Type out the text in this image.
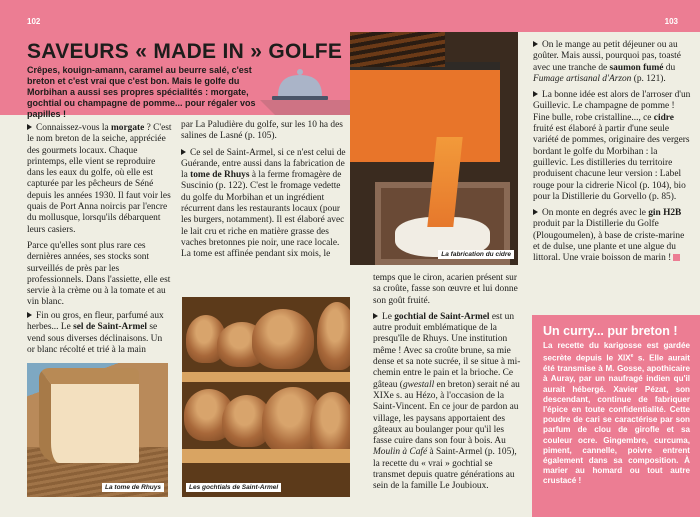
102	103
SAVEURS « MADE IN » GOLFE

Crêpes, kouign-amann, caramel au beurre salé, c'est breton et c'est vrai que c'est bon. Mais le golfe du Morbihan a aussi ses propres spécialités : morgate, gochtial ou champagne de pomme... pour régaler vos papilles !

Connaissez-vous la morgate ? C'est le nom breton de la seiche, appréciée des gourmets locaux. Chaque printemps, elle vient se reproduire dans les eaux du golfe, où elle est capturée par les pêcheurs de Séné depuis les années 1930. Il faut voir les quais de Port Anna noircis par l'encre du mollusque, lorsqu'ils débarquent leurs casiers.

Parce qu'elles sont plus rare ces dernières années, ses stocks sont surveillés de près par les professionnels. Dans l'assiette, elle est servie à la crème ou à la tomate et au vin blanc.

Fin ou gros, en fleur, parfumé aux herbes... Le sel de Saint-Armel se vend sous diverses déclinaisons. Un or blanc récolté et trié à la main

par La Paludière du golfe, sur les 10 ha des salines de Lasné (p. 105).

Ce sel de Saint-Armel, si ce n'est celui de Guérande, entre aussi dans la fabrication de la tome de Rhuys à la ferme fromagère de Suscinio (p. 122). C'est le fromage vedette du golfe du Morbihan et un ingrédient récurrent dans les restaurants locaux (pour les burgers, notamment). Il est élaboré avec le lait cru et riche en matière grasse des vaches bretonnes pie noir, une race locale. La tome est affinée pendant six mois, le

temps que le ciron, acarien présent sur sa croûte, fasse son œuvre et lui donne son goût fruité.

Le gochtial de Saint-Armel est un autre produit emblématique de la presqu'île de Rhuys. Une institution même ! Avec sa croûte brune, sa mie dense et sa note sucrée, il se situe à mi-chemin entre le pain et la brioche. Ce gâteau (gwestall en breton) serait né au XIXe s. au Hézo, à l'occasion de la Saint-Vincent. En ce jour de pardon au village, les paysans apportaient des gâteaux au boulanger pour qu'il les fasse cuire dans son four à bois. Au Moulin à Café à Saint-Armel (p. 105), la recette du « vrai » gochtial se transmet depuis quatre générations au sein de la famille Le Joubioux.

On le mange au petit déjeuner ou au goûter. Mais aussi, pourquoi pas, toasté avec une tranche de saumon fumé du Fumage artisanal d'Arzon (p. 121).

La bonne idée est alors de l'arroser d'un Guillevic. Le champagne de pomme ! Fine bulle, robe cristalline..., ce cidre fruité est élaboré à partir d'une seule variété de pommes, originaire des vergers bordant le golfe du Morbihan : la guillevic. Les distilleries du territoire produisent chacune leur version : Label rouge pour la cidrerie Nicol (p. 104), bio pour la Distillerie du Gorvello (p. 85).

On monte en degrés avec le gin H2B produit par la Distillerie du Golfe (Plougoumelen), à base de criste-marine et de dulse, une plante et une algue du littoral. Une vraie boisson de marin !

La tome de Rhuys	Les gochtials de Saint-Armel
La fabrication du cidre
Un curry... pur breton !

La recette du karigosse est gardée secrète depuis le XIXe s. Elle aurait été transmise à M. Gosse, apothicaire à Auray, par un naufragé indien qu'il aurait hébergé. Xavier Pézat, son descendant, continue de fabriquer l'épice en toute confidentialité. Cette poudre de cari se caractérise par son parfum de clou de girofle et sa couleur ocre. Gingembre, curcuma, piment, cannelle, poivre entrent également dans sa composition. À marier au homard ou tout autre crustacé !
